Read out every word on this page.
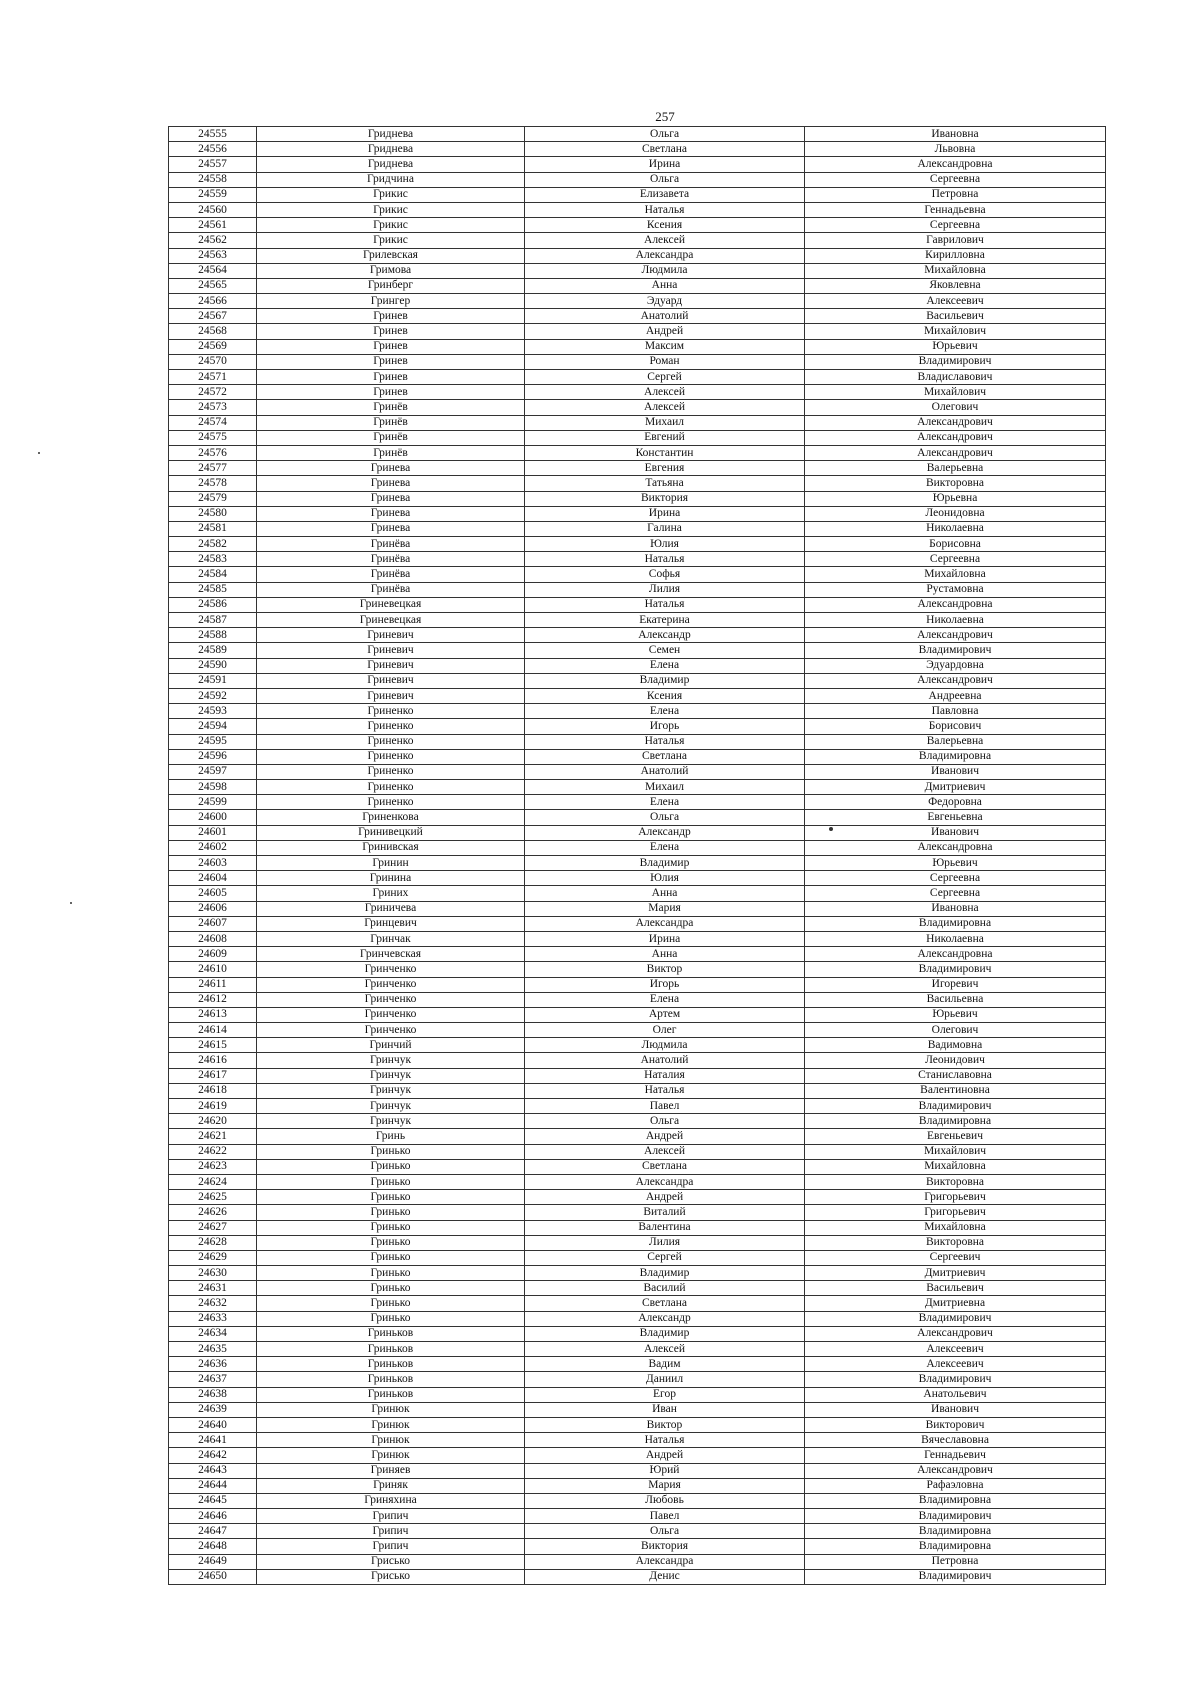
257
24555	Гриднева	Ольга	Ивановна
24556	Гриднева	Светлана	Львовна
24557	Гриднева	Ирина	Александровна
24558	Гридчина	Ольга	Сергеевна
24559	Грикис	Елизавета	Петровна
24560	Грикис	Наталья	Геннадьевна
24561	Грикис	Ксения	Сергеевна
24562	Грикис	Алексей	Гаврилович
24563	Грилевская	Александра	Кирилловна
24564	Гримова	Людмила	Михайловна
24565	Гринберг	Анна	Яковлевна
24566	Грингер	Эдуард	Алексеевич
24567	Гринев	Анатолий	Васильевич
24568	Гринев	Андрей	Михайлович
24569	Гринев	Максим	Юрьевич
24570	Гринев	Роман	Владимирович
24571	Гринев	Сергей	Владиславович
24572	Гринев	Алексей	Михайлович
24573	Гринёв	Алексей	Олегович
24574	Гринёв	Михаил	Александрович
24575	Гринёв	Евгений	Александрович
24576	Гринёв	Константин	Александрович
24577	Гринева	Евгения	Валерьевна
24578	Гринева	Татьяна	Викторовна
24579	Гринева	Виктория	Юрьевна
24580	Гринева	Ирина	Леонидовна
24581	Гринева	Галина	Николаевна
24582	Гринёва	Юлия	Борисовна
24583	Гринёва	Наталья	Сергеевна
24584	Гринёва	Софья	Михайловна
24585	Гринёва	Лилия	Рустамовна
24586	Гриневецкая	Наталья	Александровна
24587	Гриневецкая	Екатерина	Николаевна
24588	Гриневич	Александр	Александрович
24589	Гриневич	Семен	Владимирович
24590	Гриневич	Елена	Эдуардовна
24591	Гриневич	Владимир	Александрович
24592	Гриневич	Ксения	Андреевна
24593	Гриненко	Елена	Павловна
24594	Гриненко	Игорь	Борисович
24595	Гриненко	Наталья	Валерьевна
24596	Гриненко	Светлана	Владимировна
24597	Гриненко	Анатолий	Иванович
24598	Гриненко	Михаил	Дмитриевич
24599	Гриненко	Елена	Федоровна
24600	Гриненкова	Ольга	Евгеньевна
24601	Гринивецкий	Александр	Иванович
24602	Гринивская	Елена	Александровна
24603	Гринин	Владимир	Юрьевич
24604	Гринина	Юлия	Сергеевна
24605	Гриних	Анна	Сергеевна
24606	Гриничева	Мария	Ивановна
24607	Гринцевич	Александра	Владимировна
24608	Гринчак	Ирина	Николаевна
24609	Гринчевская	Анна	Александровна
24610	Гринченко	Виктор	Владимирович
24611	Гринченко	Игорь	Игоревич
24612	Гринченко	Елена	Васильевна
24613	Гринченко	Артем	Юрьевич
24614	Гринченко	Олег	Олегович
24615	Гринчий	Людмила	Вадимовна
24616	Гринчук	Анатолий	Леонидович
24617	Гринчук	Наталия	Станиславовна
24618	Гринчук	Наталья	Валентиновна
24619	Гринчук	Павел	Владимирович
24620	Гринчук	Ольга	Владимировна
24621	Гринь	Андрей	Евгеньевич
24622	Гринько	Алексей	Михайлович
24623	Гринько	Светлана	Михайловна
24624	Гринько	Александра	Викторовна
24625	Гринько	Андрей	Григорьевич
24626	Гринько	Виталий	Григорьевич
24627	Гринько	Валентина	Михайловна
24628	Гринько	Лилия	Викторовна
24629	Гринько	Сергей	Сергеевич
24630	Гринько	Владимир	Дмитриевич
24631	Гринько	Василий	Васильевич
24632	Гринько	Светлана	Дмитриевна
24633	Гринько	Александр	Владимирович
24634	Гриньков	Владимир	Александрович
24635	Гриньков	Алексей	Алексеевич
24636	Гриньков	Вадим	Алексеевич
24637	Гриньков	Даниил	Владимирович
24638	Гриньков	Егор	Анатольевич
24639	Гринюк	Иван	Иванович
24640	Гринюк	Виктор	Викторович
24641	Гринюк	Наталья	Вячеславовна
24642	Гринюк	Андрей	Геннадьевич
24643	Гриняев	Юрий	Александрович
24644	Гриняк	Мария	Рафаэловна
24645	Гриняхина	Любовь	Владимировна
24646	Грипич	Павел	Владимирович
24647	Грипич	Ольга	Владимировна
24648	Грипич	Виктория	Владимировна
24649	Грисько	Александра	Петровна
24650	Грисько	Денис	Владимирович
